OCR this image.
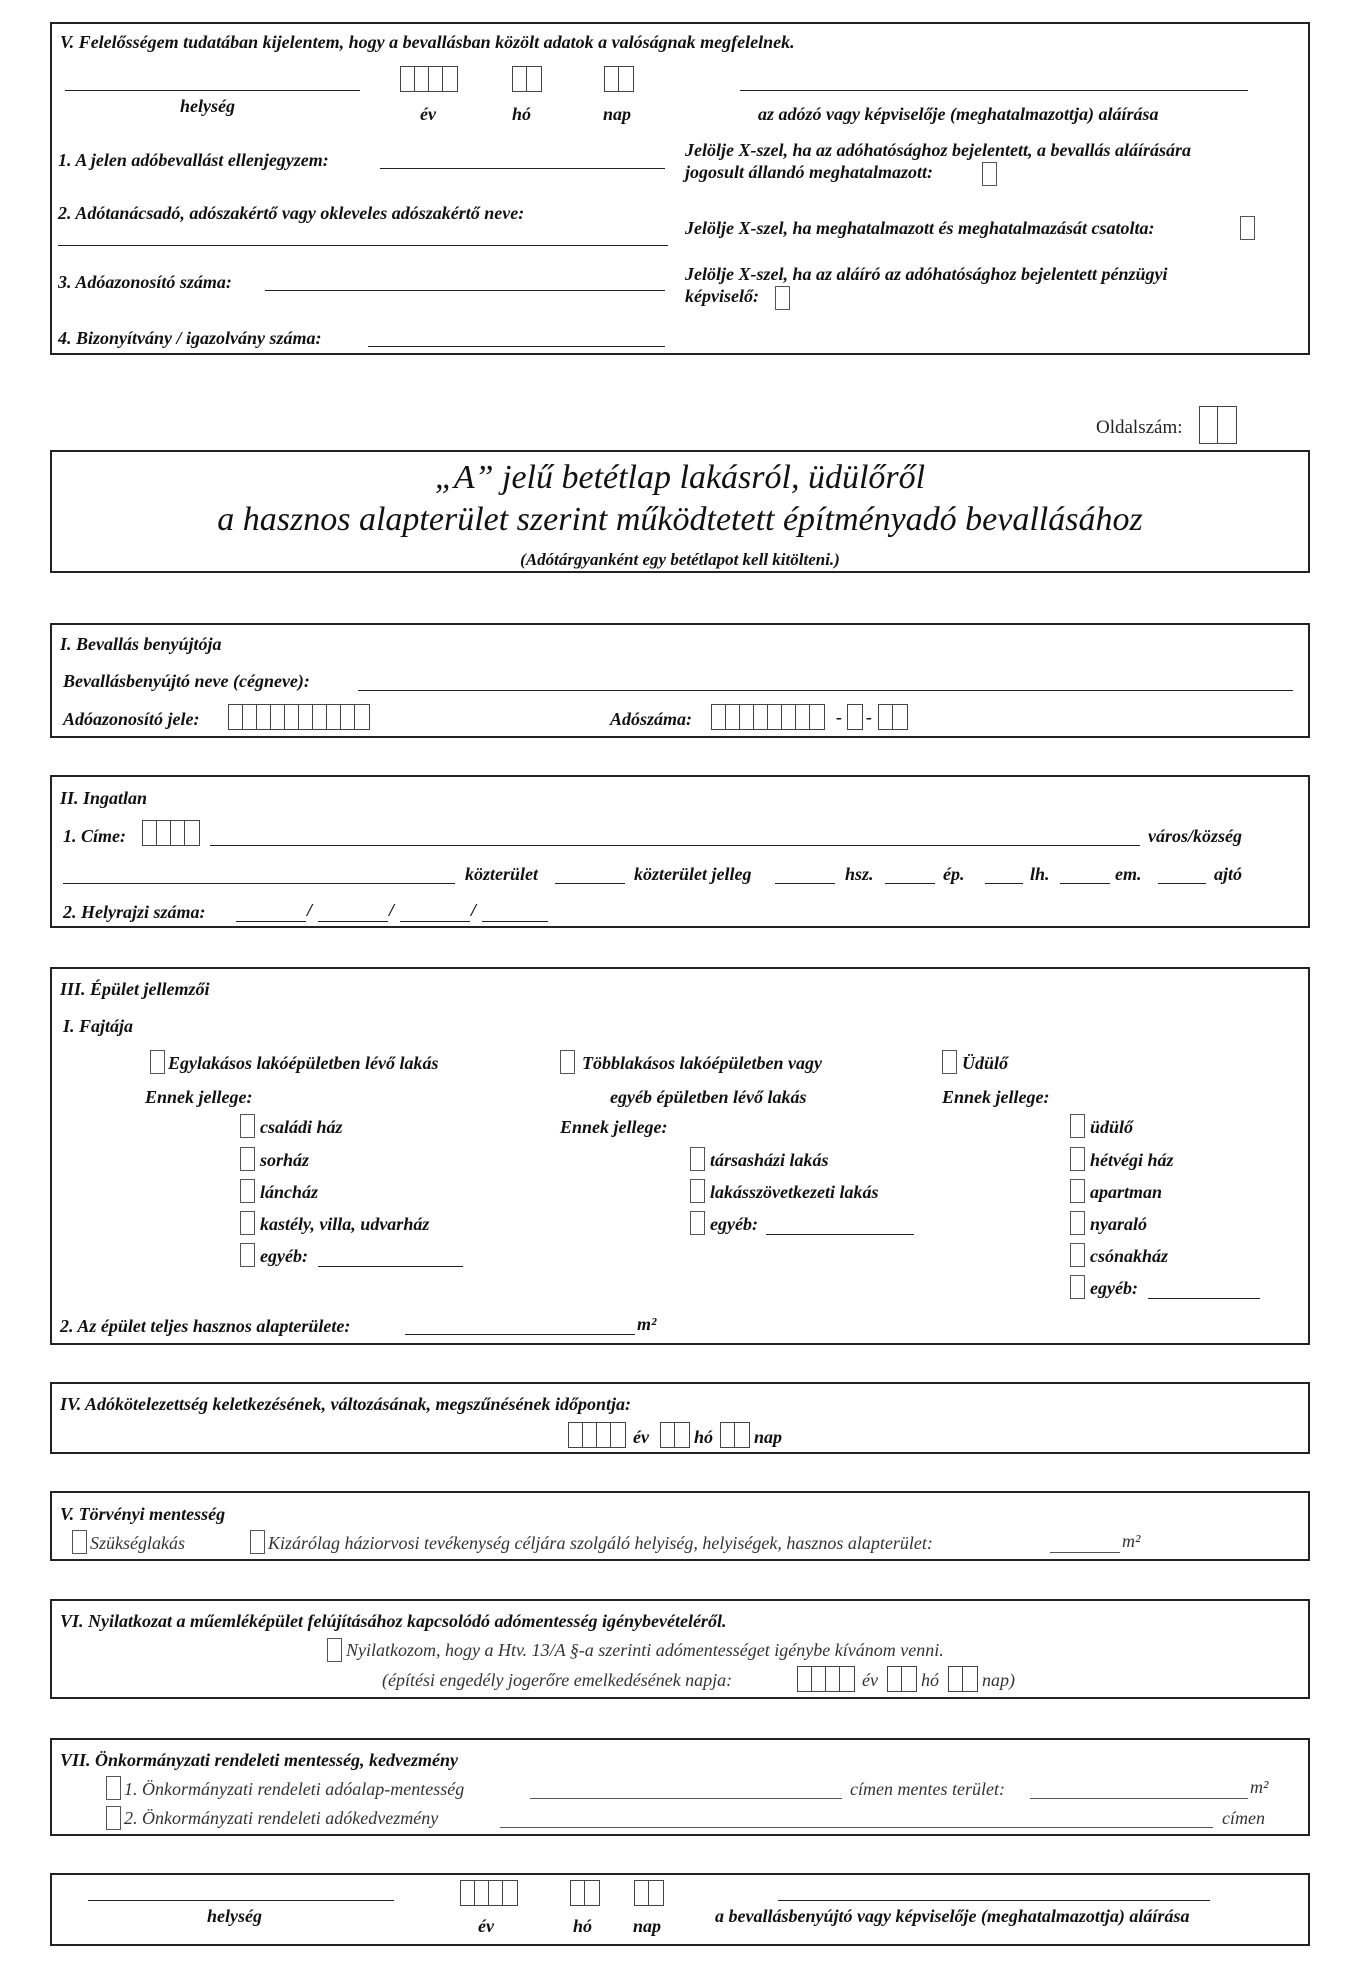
V. Felelősségem tudatában kijelentem, hogy a bevallásban közölt adatok a valóságnak megfelelnek.
helység	év	hó	nap	az adózó vagy képviselője (meghatalmazottja) aláírása
1. A jelen adóbevallást ellenjegyzem:
2. Adótanácsadó, adószakértő vagy okleveles adószakértő neve:
3. Adóazonosító száma:
4. Bizonyítvány / igazolvány száma:
Jelölje X-szel, ha az adóhatósághoz bejelentett, a bevallás aláírására
jogosult állandó meghatalmazott:
Jelölje X-szel, ha meghatalmazott és meghatalmazását csatolta:
Jelölje X-szel, ha az aláíró az adóhatósághoz bejelentett pénzügyi
képviselő:
Oldalszám:
„A” jelű betétlap lakásról, üdülőről
a hasznos alapterület szerint működtetett építményadó bevallásához
(Adótárgyanként egy betétlapot kell kitölteni.)
I. Bevallás benyújtója
Bevallásbenyújtó neve (cégneve):
Adóazonosító jele:	Adószáma:	- -
II. Ingatlan
1. Címe:	város/község
közterület	közterület jelleg	hsz.	ép.	lh.	em.	ajtó
2. Helyrajzi száma:	/	/	/
III. Épület jellemzői
I. Fajtája
Egylakásos lakóépületben lévő lakás
Ennek jellege:
családi ház
sorház
láncház
kastély, villa, udvarház
egyéb:
Többlakásos lakóépületben vagy
egyéb épületben lévő lakás
Ennek jellege:
társasházi lakás
lakásszövetkezeti lakás
egyéb:
Üdülő
Ennek jellege:
üdülő
hétvégi ház
apartman
nyaraló
csónakház
egyéb:
2. Az épület teljes hasznos alapterülete:	m²
IV. Adókötelezettség keletkezésének, változásának, megszűnésének időpontja:
év	hó nap
V. Törvényi mentesség
Szükséglakás	Kizárólag háziorvosi tevékenység céljára szolgáló helyiség, helyiségek, hasznos alapterület:	m²
VI. Nyilatkozat a műemléképület felújításához kapcsolódó adómentesség igénybevételéről.
Nyilatkozom, hogy a Htv. 13/A §-a szerinti adómentességet igénybe kívánom venni.
(építési engedély jogerőre emelkedésének napja:	év hó nap)
VII. Önkormányzati rendeleti mentesség, kedvezmény
1. Önkormányzati rendeleti adóalap-mentesség	címen mentes terület:	m²
2. Önkormányzati rendeleti adókedvezmény	címen
helység	év	hó nap	a bevallásbenyújtó vagy képviselője (meghatalmazottja) aláírása
